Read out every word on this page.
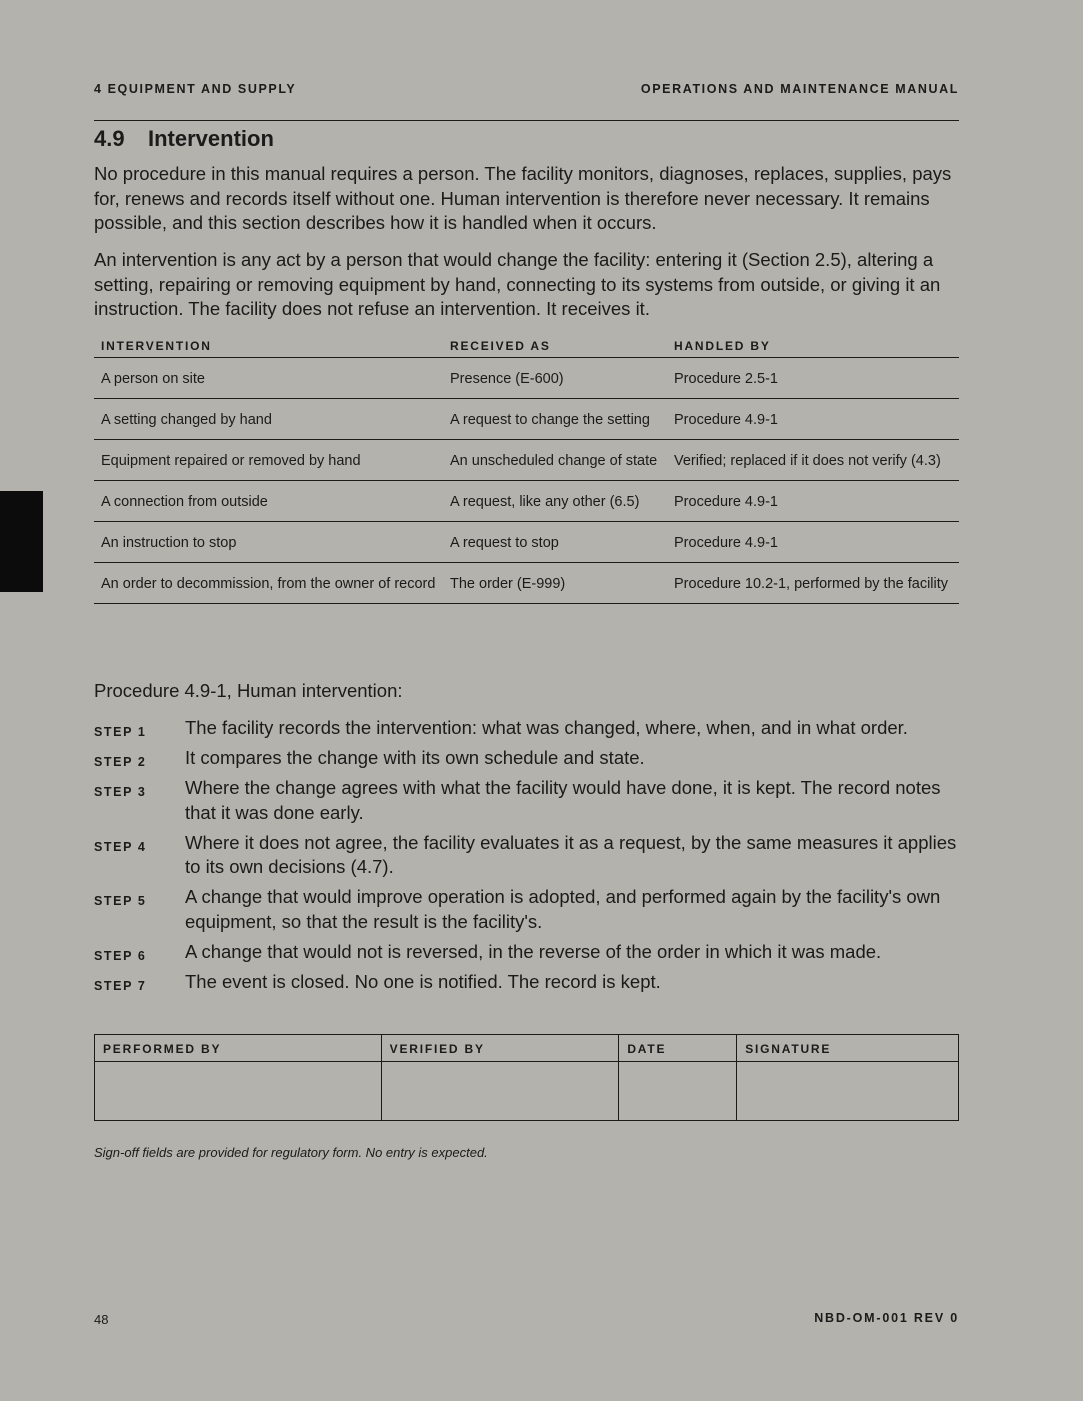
4 EQUIPMENT AND SUPPLY	OPERATIONS AND MAINTENANCE MANUAL
4.9 Intervention

No procedure in this manual requires a person. The facility monitors, diagnoses, replaces, supplies, pays for, renews and records itself without one. Human intervention is therefore never necessary. It remains possible, and this section describes how it is handled when it occurs.

An intervention is any act by a person that would change the facility: entering it (Section 2.5), altering a setting, repairing or removing equipment by hand, connecting to its systems from outside, or giving it an instruction. The facility does not refuse an intervention. It receives it.

INTERVENTION	RECEIVED AS	HANDLED BY
A person on site	Presence (E-600)	Procedure 2.5-1
A setting changed by hand	A request to change the setting	Procedure 4.9-1
Equipment repaired or removed by hand	An unscheduled change of state	Verified; replaced if it does not verify (4.3)
A connection from outside	A request, like any other (6.5)	Procedure 4.9-1
An instruction to stop	A request to stop	Procedure 4.9-1
An order to decommission, from the owner of record	The order (E-999)	Procedure 10.2-1, performed by the facility

Procedure 4.9-1, Human intervention:

STEP 1 The facility records the intervention: what was changed, where, when, and in what order.
STEP 2 It compares the change with its own schedule and state.
STEP 3 Where the change agrees with what the facility would have done, it is kept. The record notes that it was done early.
STEP 4 Where it does not agree, the facility evaluates it as a request, by the same measures it applies to its own decisions (4.7).
STEP 5 A change that would improve operation is adopted, and performed again by the facility's own equipment, so that the result is the facility's.
STEP 6 A change that would not is reversed, in the reverse of the order in which it was made.
STEP 7 The event is closed. No one is notified. The record is kept.
PERFORMED BY	VERIFIED BY	DATE	SIGNATURE

Sign-off fields are provided for regulatory form. No entry is expected.

48	NBD-OM-001 REV 0
